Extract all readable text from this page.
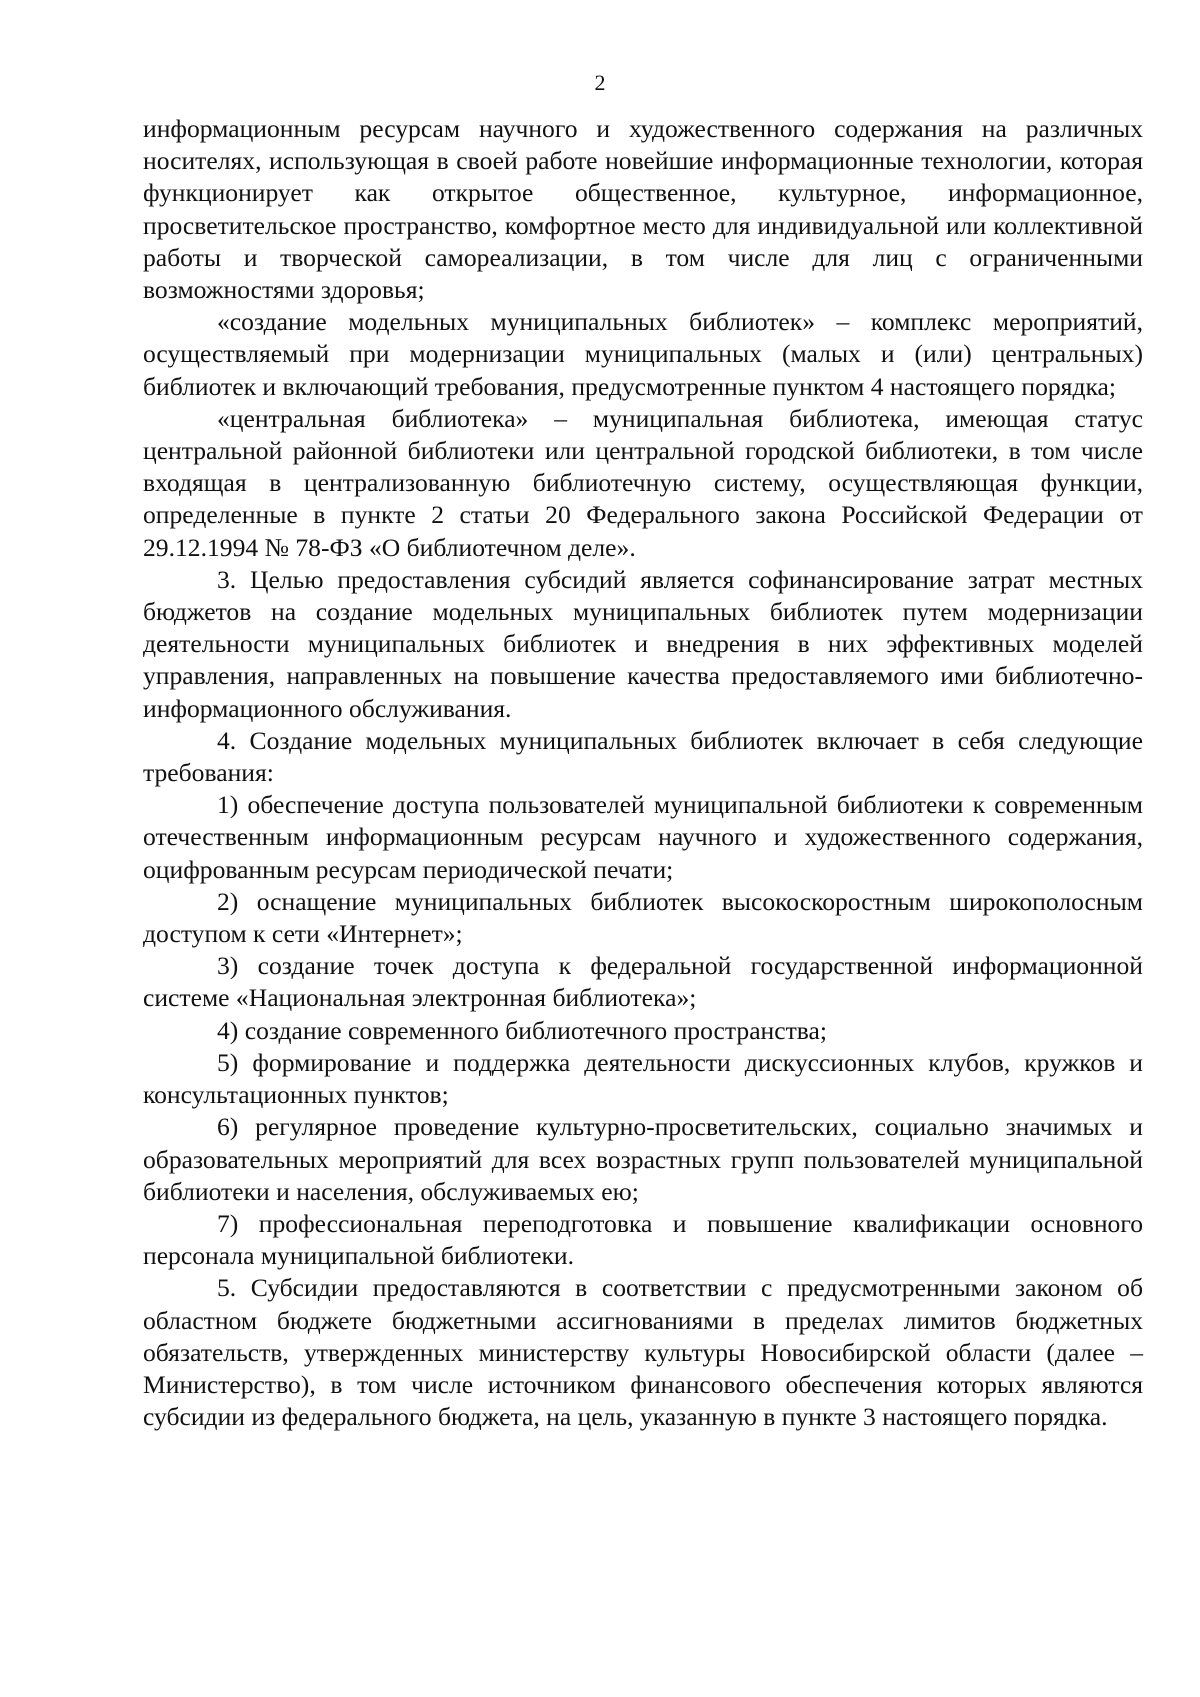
2

информационным ресурсам научного и художественного содержания на различных носителях, использующая в своей работе новейшие информационные технологии, которая функционирует как открытое общественное, культурное, информационное, просветительское пространство, комфортное место для индивидуальной или коллективной работы и творческой самореализации, в том числе для лиц с ограниченными возможностями здоровья;

«создание модельных муниципальных библиотек» – комплекс мероприятий, осуществляемый при модернизации муниципальных (малых и (или) центральных) библиотек и включающий требования, предусмотренные пунктом 4 настоящего порядка;

«центральная библиотека» – муниципальная библиотека, имеющая статус центральной районной библиотеки или центральной городской библиотеки, в том числе входящая в централизованную библиотечную систему, осуществляющая функции, определенные в пункте 2 статьи 20 Федерального закона Российской Федерации от 29.12.1994 № 78-ФЗ «О библиотечном деле».

3. Целью предоставления субсидий является софинансирование затрат местных бюджетов на создание модельных муниципальных библиотек путем модернизации деятельности муниципальных библиотек и внедрения в них эффективных моделей управления, направленных на повышение качества предоставляемого ими библиотечно-информационного обслуживания.

4. Создание модельных муниципальных библиотек включает в себя следующие требования:

1) обеспечение доступа пользователей муниципальной библиотеки к современным отечественным информационным ресурсам научного и художественного содержания, оцифрованным ресурсам периодической печати;

2) оснащение муниципальных библиотек высокоскоростным широкополосным доступом к сети «Интернет»;

3) создание точек доступа к федеральной государственной информационной системе «Национальная электронная библиотека»;

4) создание современного библиотечного пространства;

5) формирование и поддержка деятельности дискуссионных клубов, кружков и консультационных пунктов;

6) регулярное проведение культурно-просветительских, социально значимых и образовательных мероприятий для всех возрастных групп пользователей муниципальной библиотеки и населения, обслуживаемых ею;

7) профессиональная переподготовка и повышение квалификации основного персонала муниципальной библиотеки.

5. Субсидии предоставляются в соответствии с предусмотренными законом об областном бюджете бюджетными ассигнованиями в пределах лимитов бюджетных обязательств, утвержденных министерству культуры Новосибирской области (далее – Министерство), в том числе источником финансового обеспечения которых являются субсидии из федерального бюджета, на цель, указанную в пункте 3 настоящего порядка.
